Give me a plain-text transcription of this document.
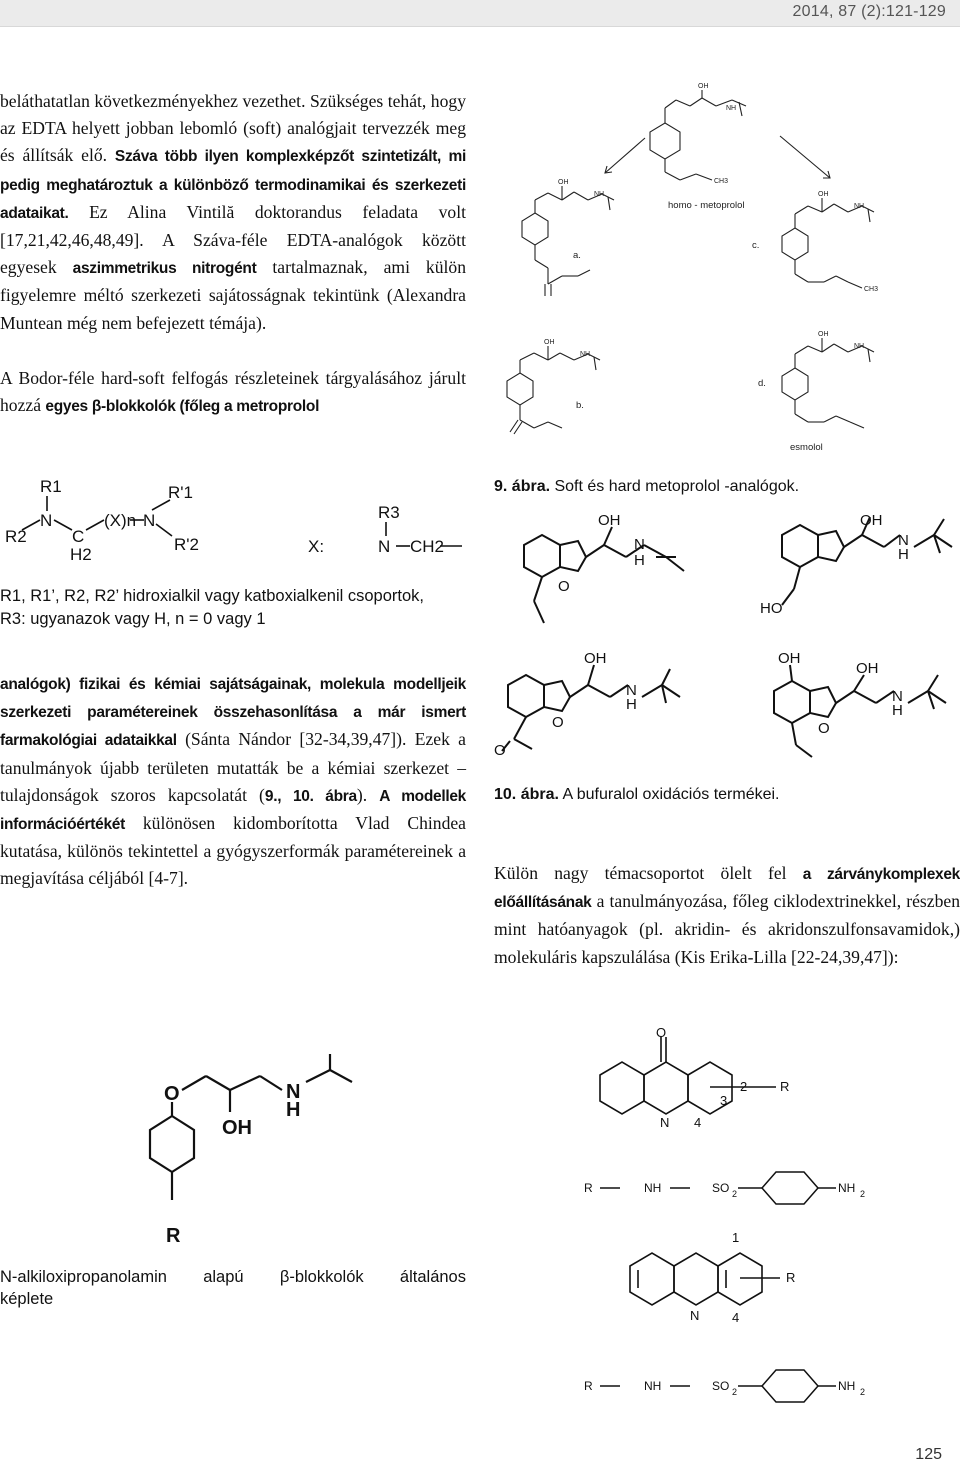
2014, 87 (2):121-129

beláthatatlan következményekhez vezethet. Szükséges tehát, hogy az EDTA helyett jobban lebomló (soft) analógjait tervezzék meg és állítsák elő. Száva több ilyen komplexképzőt szintetizált, mi pedig meghatároztuk a különböző termodinamikai és szerkezeti adataikat. Ez Alina Vintilă doktorandus feladata volt [17,21,42,46,48,49]. A Száva-féle EDTA-analógok között egyesek aszimmetrikus nitrogént tartalmaznak, ami külön figyelemre méltó szerkezeti sajátosságnak tekintünk (Alexandra Muntean még nem befejezett témája).

A Bodor-féle hard-soft felfogás részleteinek tárgyalásához járult hozzá egyes β-blokkolók (főleg a metroprolol

analógok) fizikai és kémiai sajátságainak, molekula modelljeik szerkezeti paramétereinek összehasonlítása a már ismert farmakológiai adataikkal (Sánta Nándor [32-34,39,47]). Ezek a tanulmányok újabb területen mutatták be a kémiai szerkezet – tulajdonságok szoros kapcsolatát (9., 10. ábra). A modellek információértékét különösen kidomborította Vlad Chindea kutatása, különös tekintettel a gyógyszerformák paramétereinek a megjavítása céljából [4-7].	Külön nagy témacsoportot ölelt fel a zárványkomplexek előállításának a tanulmányozása, főleg ciklodextrinekkel, részben mint hatóanyagok (pl. akridin- és akridonszulfonsavamidok,) molekuláris kapszulálása (Kis Erika-Lilla [22-24,39,47]):

OH
NH
OH
NH	OH
NH
OH
NH
OH
NH
CH3
CH3
homo - metoprolol
a.
c.
b.
d.
esmolol

9. ábra. Soft és hard metoprolol -analógok.

R1
N
R2	C
H2
(X)n N
R'1
R'2	X:
R3
N CH2

R1, R1’, R2, R2’ hidroxialkil vagy katboxialkenil csoportok,

R3: ugyanazok vagy H, n = 0 vagy 1

OH
N
H
O
OH
N
H
HO
OH
N
H
O
O
OH
OH
N
H
O

10. ábra. A bufuralol oxidációs termékei.

O
OH
N
H
R
N-alkiloxipropanolamin alapú β-blokkolók általános
képlete
O
N
R
2
3
4
R	NH	SO 2	NH 2
1
N
R
4
R	NH	SO 2	NH 2
125
